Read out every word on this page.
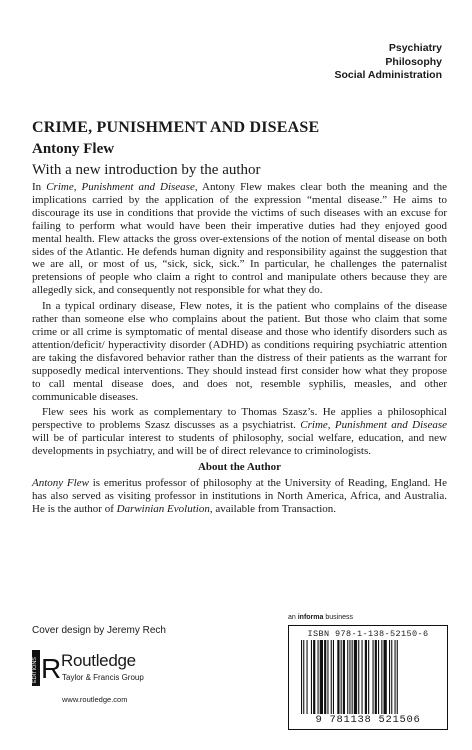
Psychiatry
Philosophy
Social Administration
CRIME, PUNISHMENT AND DISEASE
Antony Flew
With a new introduction by the author

In Crime, Punishment and Disease, Antony Flew makes clear both the meaning and the implications carried by the application of the expression “mental disease.” He aims to discourage its use in conditions that provide the victims of such diseases with an excuse for failing to perform what would have been their imperative duties had they enjoyed good mental health. Flew attacks the gross over-extensions of the notion of mental disease on both sides of the Atlantic. He defends human dignity and responsibility against the suggestion that we are all, or most of us, “sick, sick, sick.” In particular, he challenges the paternalist pretensions of people who claim a right to control and manipulate others because they are allegedly sick, and consequently not responsible for what they do.

In a typical ordinary disease, Flew notes, it is the patient who complains of the disease rather than someone else who complains about the patient. But those who claim that some crime or all crime is symptomatic of mental disease and those who identify disorders such as attention/deficit/ hyperactivity disorder (ADHD) as conditions requiring psychiatric attention are taking the disfavored behavior rather than the distress of their patients as the warrant for supposedly medical interventions. They should instead first consider how what they propose to call mental disease does, and does not, resemble syphilis, measles, and other communicable diseases.

Flew sees his work as complementary to Thomas Szasz’s. He applies a philosophical perspective to problems Szasz discusses as a psychiatrist. Crime, Punishment and Disease will be of particular interest to students of philosophy, social welfare, education, and new developments in psychiatry, and will be of direct relevance to criminologists.

About the Author

Antony Flew is emeritus professor of philosophy at the University of Reading, England. He has also served as visiting professor in institutions in North America, Africa, and Australia. He is the author of Darwinian Evolution, available from Transaction.

Cover design by Jeremy Rech
EDITIONS R Routledge
Taylor & Francis Group
www.routledge.com
an informa business
ISBN 978-1-138-52150-6
9 781138 521506
